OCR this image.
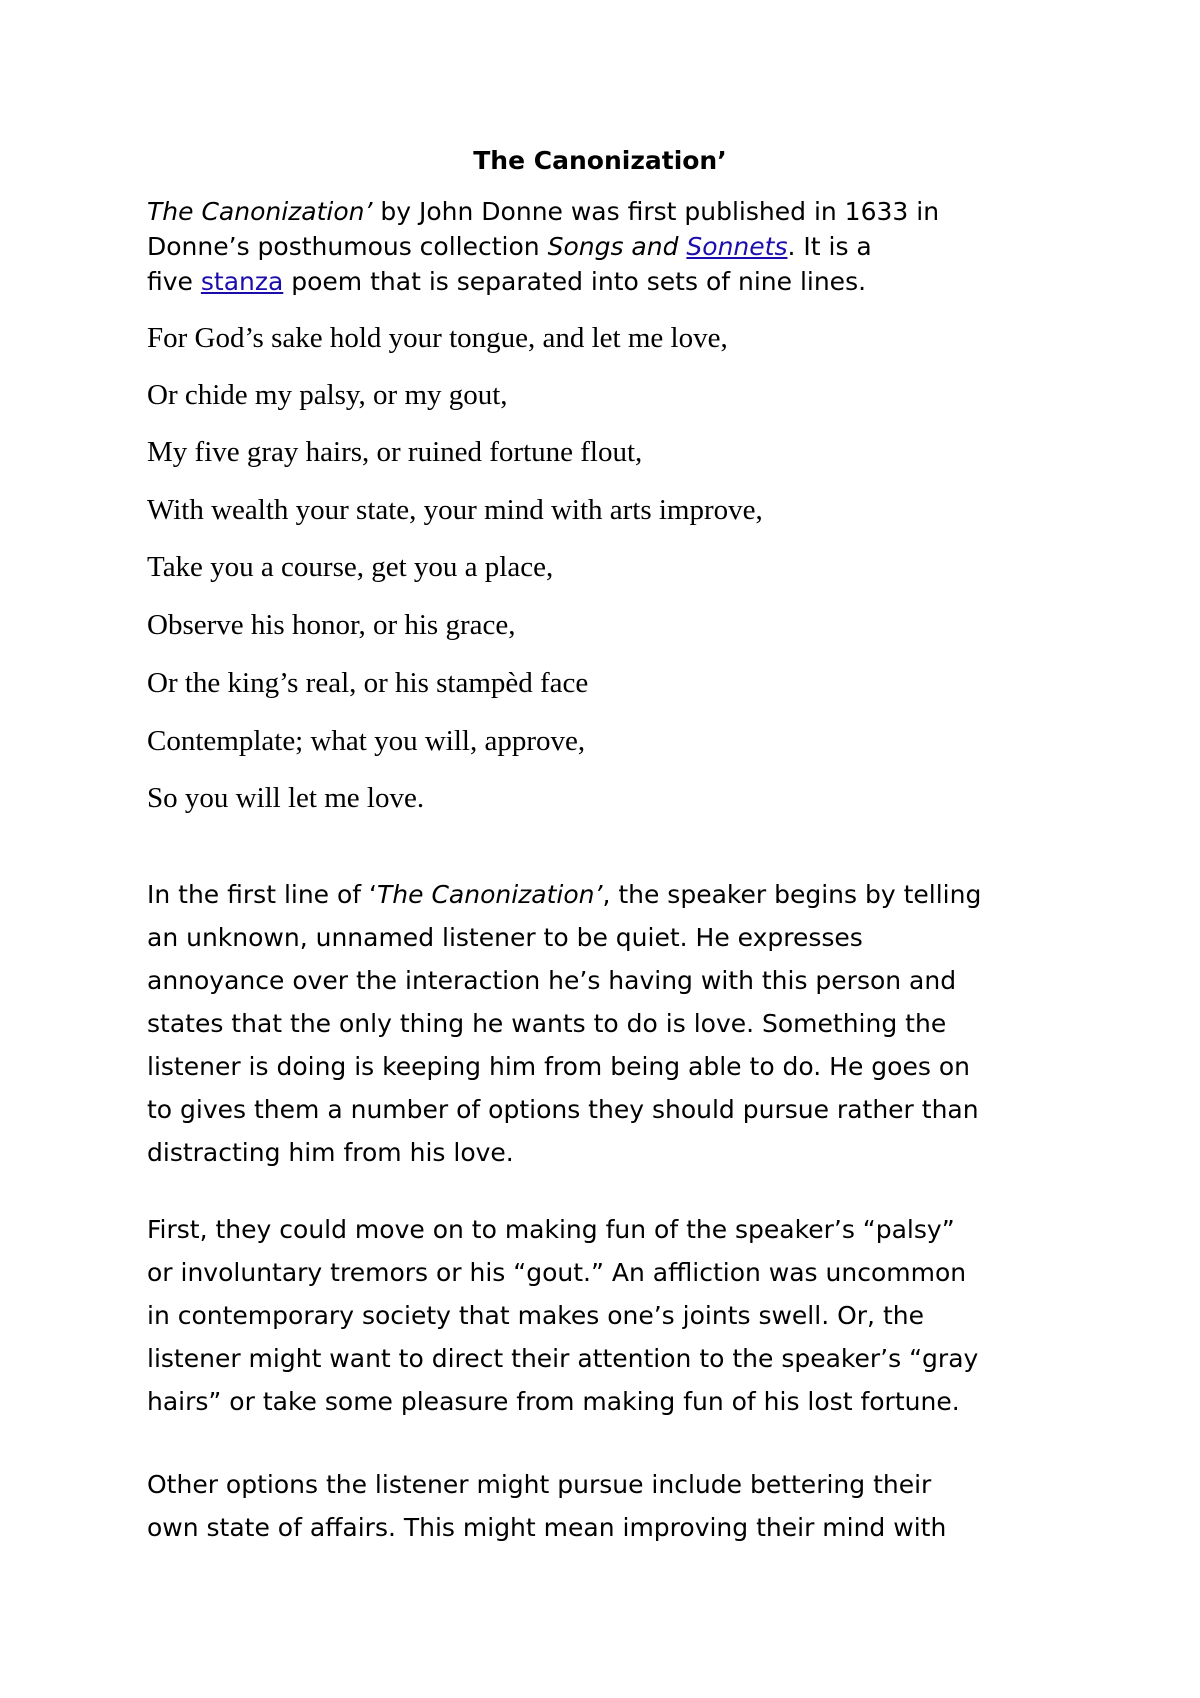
The Canonization’
The Canonization’ by John Donne was first published in 1633 in
Donne’s posthumous collection Songs and Sonnets. It is a
five stanza poem that is separated into sets of nine lines.
For God’s sake hold your tongue, and let me love,
Or chide my palsy, or my gout,
My five gray hairs, or ruined fortune flout,
With wealth your state, your mind with arts improve,
Take you a course, get you a place,
Observe his honor, or his grace,
Or the king’s real, or his stampèd face
Contemplate; what you will, approve,
So you will let me love.
In the first line of ‘The Canonization’, the speaker begins by telling
an unknown, unnamed listener to be quiet. He expresses
annoyance over the interaction he’s having with this person and
states that the only thing he wants to do is love. Something the
listener is doing is keeping him from being able to do. He goes on
to gives them a number of options they should pursue rather than
distracting him from his love.
First, they could move on to making fun of the speaker’s “palsy”
or involuntary tremors or his “gout.” An affliction was uncommon
in contemporary society that makes one’s joints swell. Or, the
listener might want to direct their attention to the speaker’s “gray
hairs” or take some pleasure from making fun of his lost fortune.
Other options the listener might pursue include bettering their
own state of affairs. This might mean improving their mind with
